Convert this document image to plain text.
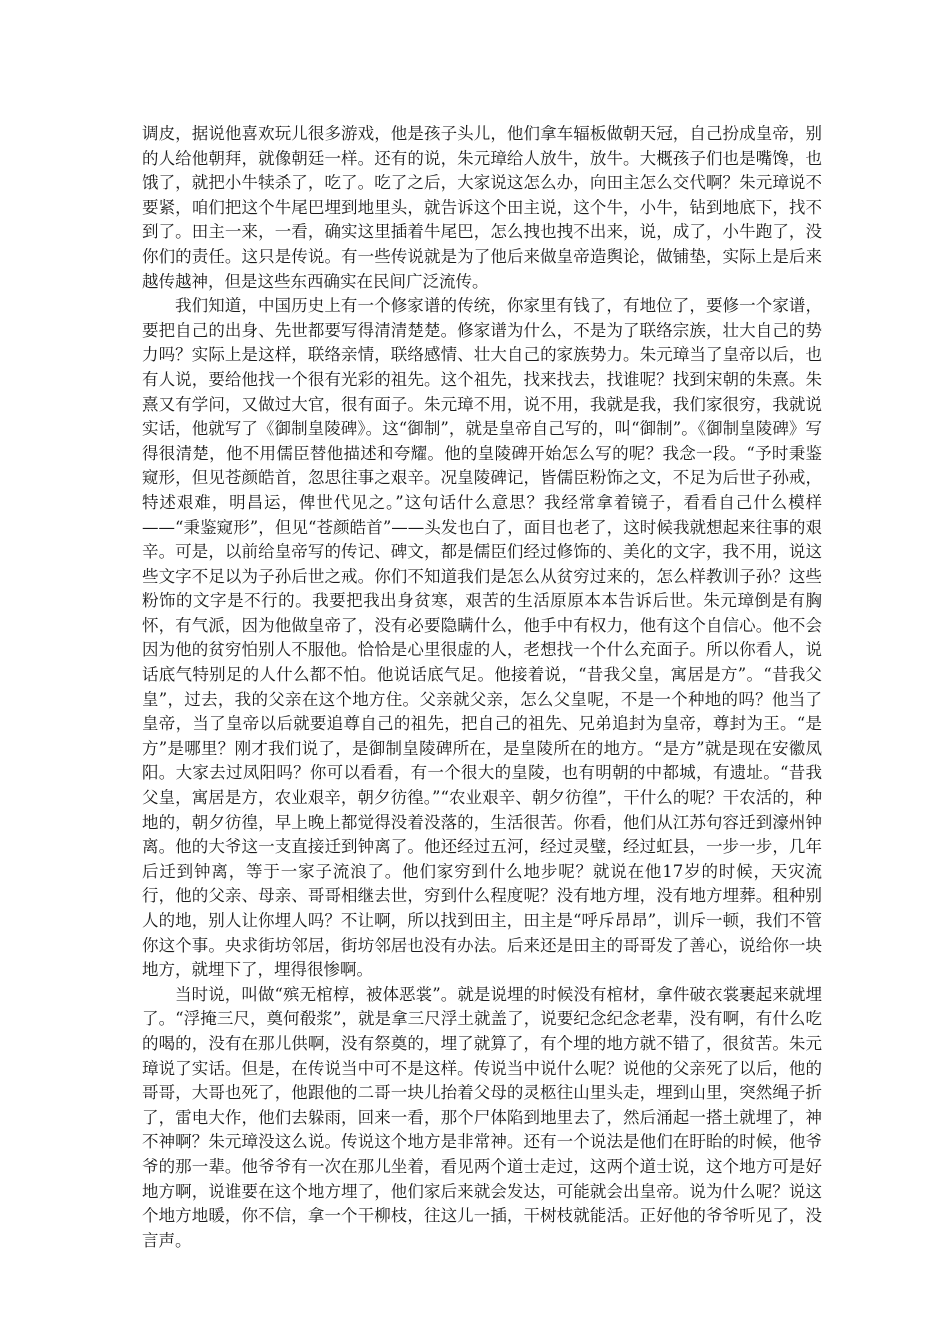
调皮，据说他喜欢玩儿很多游戏，他是孩子头儿，他们拿车辐板做朝天冠，自己扮成皇帝，别的人给他朝拜，就像朝廷一样。还有的说，朱元璋给人放牛，放牛。大概孩子们也是嘴馋，也饿了，就把小牛犊杀了，吃了。吃了之后，大家说这怎么办，向田主怎么交代啊？朱元璋说不要紧，咱们把这个牛尾巴埋到地里头，就告诉这个田主说，这个牛，小牛，钻到地底下，找不到了。田主一来，一看，确实这里插着牛尾巴，怎么拽也拽不出来，说，成了，小牛跑了，没你们的责任。这只是传说。有一些传说就是为了他后来做皇帝造舆论，做铺垫，实际上是后来越传越神，但是这些东西确实在民间广泛流传。

我们知道，中国历史上有一个修家谱的传统，你家里有钱了，有地位了，要修一个家谱，要把自己的出身、先世都要写得清清楚楚。修家谱为什么，不是为了联络宗族，壮大自己的势力吗？实际上是这样，联络亲情，联络感情、壮大自己的家族势力。朱元璋当了皇帝以后，也有人说，要给他找一个很有光彩的祖先。这个祖先，找来找去，找谁呢？找到宋朝的朱熹。朱熹又有学问，又做过大官，很有面子。朱元璋不用，说不用，我就是我，我们家很穷，我就说实话，他就写了《御制皇陵碑》。这“御制”，就是皇帝自己写的，叫“御制”。《御制皇陵碑》写得很清楚，他不用儒臣替他描述和夸耀。他的皇陵碑开始怎么写的呢？我念一段。“予时秉鉴窥形，但见苍颜皓首，忽思往事之艰辛。况皇陵碑记，皆儒臣粉饰之文，不足为后世子孙戒，特述艰难，明昌运，俾世代见之。”这句话什么意思？我经常拿着镜子，看看自己什么模样——“秉鉴窥形”，但见“苍颜皓首”——头发也白了，面目也老了，这时候我就想起来往事的艰辛。可是，以前给皇帝写的传记、碑文，都是儒臣们经过修饰的、美化的文字，我不用，说这些文字不足以为子孙后世之戒。你们不知道我们是怎么从贫穷过来的，怎么样教训子孙？这些粉饰的文字是不行的。我要把我出身贫寒，艰苦的生活原原本本告诉后世。朱元璋倒是有胸怀，有气派，因为他做皇帝了，没有必要隐瞒什么，他手中有权力，他有这个自信心。他不会因为他的贫穷怕别人不服他。恰恰是心里很虚的人，老想找一个什么充面子。所以你看人，说话底气特别足的人什么都不怕。他说话底气足。他接着说，“昔我父皇，寓居是方”。“昔我父皇”，过去，我的父亲在这个地方住。父亲就父亲，怎么父皇呢，不是一个种地的吗？他当了皇帝，当了皇帝以后就要追尊自己的祖先，把自己的祖先、兄弟追封为皇帝，尊封为王。“是方”是哪里？刚才我们说了，是御制皇陵碑所在，是皇陵所在的地方。“是方”就是现在安徽凤阳。大家去过凤阳吗？你可以看看，有一个很大的皇陵，也有明朝的中都城，有遗址。“昔我父皇，寓居是方，农业艰辛，朝夕彷徨。”“农业艰辛、朝夕彷徨”，干什么的呢？干农活的，种地的，朝夕彷徨，早上晚上都觉得没着没落的，生活很苦。你看，他们从江苏句容迁到濠州钟离。他的大爷这一支直接迁到钟离了。他还经过五河，经过灵璧，经过虹县，一步一步，几年后迁到钟离，等于一家子流浪了。他们家穷到什么地步呢？就说在他17岁的时候，天灾流行，他的父亲、母亲、哥哥相继去世，穷到什么程度呢？没有地方埋，没有地方埋葬。租种别人的地，别人让你埋人吗？不让啊，所以找到田主，田主是“呼斥昂昂”，训斥一顿，我们不管你这个事。央求街坊邻居，街坊邻居也没有办法。后来还是田主的哥哥发了善心，说给你一块地方，就埋下了，埋得很惨啊。

当时说，叫做“殡无棺椁，被体恶裳”。就是说埋的时候没有棺材，拿件破衣裳裹起来就埋了。“浮掩三尺，奠何殽浆”，就是拿三尺浮土就盖了，说要纪念纪念老辈，没有啊，有什么吃的喝的，没有在那儿供啊，没有祭奠的，埋了就算了，有个埋的地方就不错了，很贫苦。朱元璋说了实话。但是，在传说当中可不是这样。传说当中说什么呢？说他的父亲死了以后，他的哥哥，大哥也死了，他跟他的二哥一块儿抬着父母的灵柩往山里头走，埋到山里，突然绳子折了，雷电大作，他们去躲雨，回来一看，那个尸体陷到地里去了，然后涌起一搭土就埋了，神不神啊？朱元璋没这么说。传说这个地方是非常神。还有一个说法是他们在盱眙的时候，他爷爷的那一辈。他爷爷有一次在那儿坐着，看见两个道士走过，这两个道士说，这个地方可是好地方啊，说谁要在这个地方埋了，他们家后来就会发达，可能就会出皇帝。说为什么呢？说这个地方地暖，你不信，拿一个干柳枝，往这儿一插，干树枝就能活。正好他的爷爷听见了，没言声。
